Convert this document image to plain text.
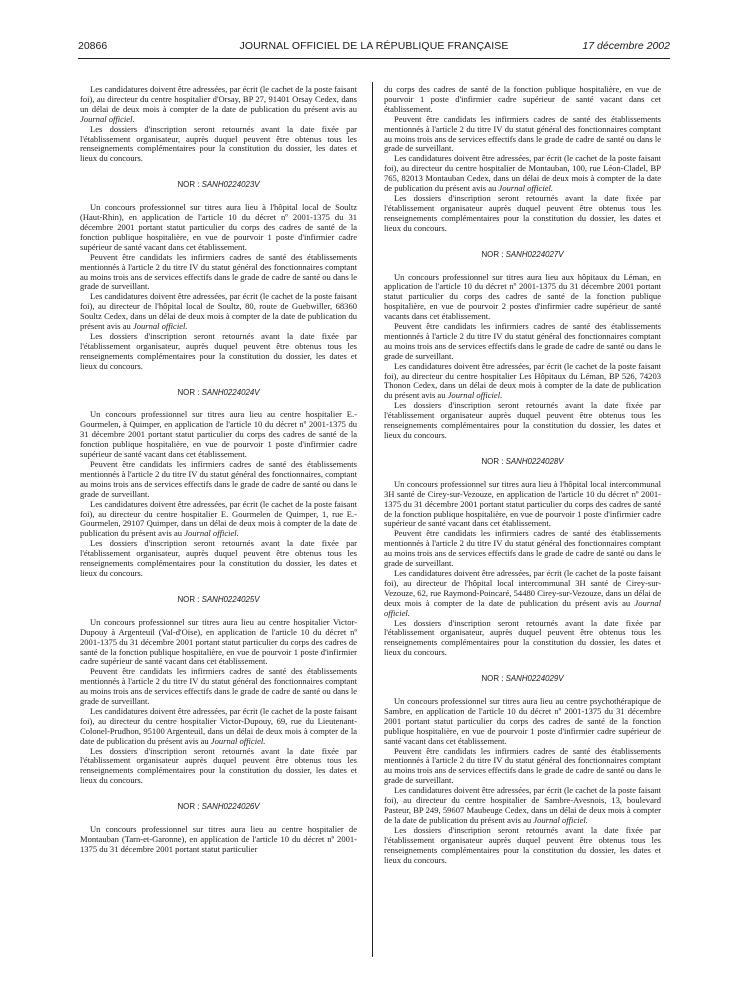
20866	JOURNAL OFFICIEL DE LA RÉPUBLIQUE FRANÇAISE	17 décembre 2002

Les candidatures doivent être adressées, par écrit (le cachet de la poste faisant foi), au directeur du centre hospitalier d'Orsay, BP 27, 91401 Orsay Cedex, dans un délai de deux mois à compter de la date de publication du présent avis au Journal officiel.

Les dossiers d'inscription seront retournés avant la date fixée par l'établissement organisateur, auprès duquel peuvent être obtenus tous les renseignements complémentaires pour la constitution du dossier, les dates et lieux du concours.

NOR : SANH0224023V

Un concours professionnel sur titres aura lieu à l'hôpital local de Soultz (Haut-Rhin), en application de l'article 10 du décret nº 2001-1375 du 31 décembre 2001 portant statut particulier du corps des cadres de santé de la fonction publique hospitalière, en vue de pourvoir 1 poste d'infirmier cadre supérieur de santé vacant dans cet établissement.

Peuvent être candidats les infirmiers cadres de santé des établissements mentionnés à l'article 2 du titre IV du statut général des fonctionnaires comptant au moins trois ans de services effectifs dans le grade de cadre de santé ou dans le grade de surveillant.

Les candidatures doivent être adressées, par écrit (le cachet de la poste faisant foi), au directeur de l'hôpital local de Soultz, 80, route de Guebwiller, 68360 Soultz Cedex, dans un délai de deux mois à compter de la date de publication du présent avis au Journal officiel.

Les dossiers d'inscription seront retournés avant la date fixée par l'établissement organisateur, auprès duquel peuvent être obtenus tous les renseignements complémentaires pour la constitution du dossier, les dates et lieux du concours.

NOR : SANH0224024V

Un concours professionnel sur titres aura lieu au centre hospitalier E.-Gourmelen, à Quimper, en application de l'article 10 du décret nº 2001-1375 du 31 décembre 2001 portant statut particulier du corps des cadres de santé de la fonction publique hospitalière, en vue de pourvoir 1 poste d'infirmier cadre supérieur de santé vacant dans cet établissement.

Peuvent être candidats les infirmiers cadres de santé des établissements mentionnés à l'article 2 du titre IV du statut général des fonctionnaires, comptant au moins trois ans de services effectifs dans le grade de cadre de santé ou dans le grade de surveillant.

Les candidatures doivent être adressées, par écrit (le cachet de la poste faisant foi), au directeur du centre hospitalier E. Gourmelen de Quimper, 1, rue E.-Gourmelen, 29107 Quimper, dans un délai de deux mois à compter de la date de publication du présent avis au Journal officiel.

Les dossiers d'inscription seront retournés avant la date fixée par l'établissement organisateur, auprès duquel peuvent être obtenus tous les renseignements complémentaires pour la constitution du dossier, les dates et lieux du concours.

NOR : SANH0224025V

Un concours professionnel sur titres aura lieu au centre hospitalier Victor-Dupouy à Argenteuil (Val-d'Oise), en application de l'article 10 du décret nº 2001-1375 du 31 décembre 2001 portant statut particulier du corps des cadres de santé de la fonction publique hospitalière, en vue de pourvoir 1 poste d'infirmier cadre supérieur de santé vacant dans cet établissement.

Peuvent être candidats les infirmiers cadres de santé des établissements mentionnés à l'article 2 du titre IV du statut général des fonctionnaires comptant au moins trois ans de services effectifs dans le grade de cadre de santé ou dans le grade de surveillant.

Les candidatures doivent être adressées, par écrit (le cachet de la poste faisant foi), au directeur du centre hospitalier Victor-Dupouy, 69, rue du Lieutenant-Colonel-Prudhon, 95100 Argenteuil, dans un délai de deux mois à compter de la date de publication du présent avis au Journal officiel.

Les dossiers d'inscription seront retournés avant la date fixée par l'établissement organisateur auprès duquel peuvent être obtenus tous les renseignements complémentaires pour la constitution du dossier, les dates et lieux du concours.

NOR : SANH0224026V

Un concours professionnel sur titres aura lieu au centre hospitalier de Montauban (Tarn-et-Garonne), en application de l'article 10 du décret nº 2001-1375 du 31 décembre 2001 portant statut particulier

du corps des cadres de santé de la fonction publique hospitalière, en vue de pourvoir 1 poste d'infirmier cadre supérieur de santé vacant dans cet établissement.

Peuvent être candidats les infirmiers cadres de santé des établissements mentionnés à l'article 2 du titre IV du statut général des fonctionnaires comptant au moins trois ans de services effectifs dans le grade de cadre de santé ou dans le grade de surveillant.

Les candidatures doivent être adressées, par écrit (le cachet de la poste faisant foi), au directeur du centre hospitalier de Montauban, 100, rue Léon-Cladel, BP 765, 82013 Montauban Cedex, dans un délai de deux mois à compter de la date de publication du présent avis au Journal officiel.

Les dossiers d'inscription seront retournés avant la date fixée par l'établissement organisateur auprès duquel peuvent être obtenus tous les renseignements complémentaires pour la constitution du dossier, les dates et lieux du concours.

NOR : SANH0224027V

Un concours professionnel sur titres aura lieu aux hôpitaux du Léman, en application de l'article 10 du décret nº 2001-1375 du 31 décembre 2001 portant statut particulier du corps des cadres de santé de la fonction publique hospitalière, en vue de pourvoir 2 postes d'infirmier cadre supérieur de santé vacants dans cet établissement.

Peuvent être candidats les infirmiers cadres de santé des établissements mentionnés à l'article 2 du titre IV du statut général des fonctionnaires comptant au moins trois ans de services effectifs dans le grade de cadre de santé ou dans le grade de surveillant.

Les candidatures doivent être adressées, par écrit (le cachet de la poste faisant foi), au directeur du centre hospitalier Les Hôpitaux du Léman, BP 526, 74203 Thonon Cedex, dans un délai de deux mois à compter de la date de publication du présent avis au Journal officiel.

Les dossiers d'inscription seront retournés avant la date fixée par l'établissement organisateur auprès duquel peuvent être obtenus tous les renseignements complémentaires pour la constitution du dossier, les dates et lieux du concours.

NOR : SANH0224028V

Un concours professionnel sur titres aura lieu à l'hôpital local intercommunal 3H santé de Cirey-sur-Vezouze, en application de l'article 10 du décret nº 2001-1375 du 31 décembre 2001 portant statut particulier du corps des cadres de santé de la fonction publique hospitalière, en vue de pourvoir 1 poste d'infirmier cadre supérieur de santé vacant dans cet établissement.

Peuvent être candidats les infirmiers cadres de santé des établissements mentionnés à l'article 2 du titre IV du statut général des fonctionnaires comptant au moins trois ans de services effectifs dans le grade de cadre de santé ou dans le grade de surveillant.

Les candidatures doivent être adressées, par écrit (le cachet de la poste faisant foi), au directeur de l'hôpital local intercommunal 3H santé de Cirey-sur-Vezouze, 62, rue Raymond-Poincaré, 54480 Cirey-sur-Vezouze, dans un délai de deux mois à compter de la date de publication du présent avis au Journal officiel.

Les dossiers d'inscription seront retournés avant la date fixée par l'établissement organisateur, auprès duquel peuvent être obtenus tous les renseignements complémentaires pour la constitution du dossier, les dates et lieux du concours.

NOR : SANH0224029V

Un concours professionnel sur titres aura lieu au centre psychothérapique de Sambre, en application de l'article 10 du décret nº 2001-1375 du 31 décembre 2001 portant statut particulier du corps des cadres de santé de la fonction publique hospitalière, en vue de pourvoir 1 poste d'infirmier cadre supérieur de santé vacant dans cet établissement.

Peuvent être candidats les infirmiers cadres de santé des établissements mentionnés à l'article 2 du titre IV du statut général des fonctionnaires comptant au moins trois ans de services effectifs dans le grade de cadre de santé ou dans le grade de surveillant.

Les candidatures doivent être adressées, par écrit (le cachet de la poste faisant foi), au directeur du centre hospitalier de Sambre-Avesnois, 13, boulevard Pasteur, BP 249, 59607 Maubeuge Cedex, dans un délai de deux mois à compter de la date de publication du présent avis au Journal officiel.

Les dossiers d'inscription seront retournés avant la date fixée par l'établissement organisateur auprès duquel peuvent être obtenus tous les renseignements complémentaires pour la constitution du dossier, les dates et lieux du concours.
